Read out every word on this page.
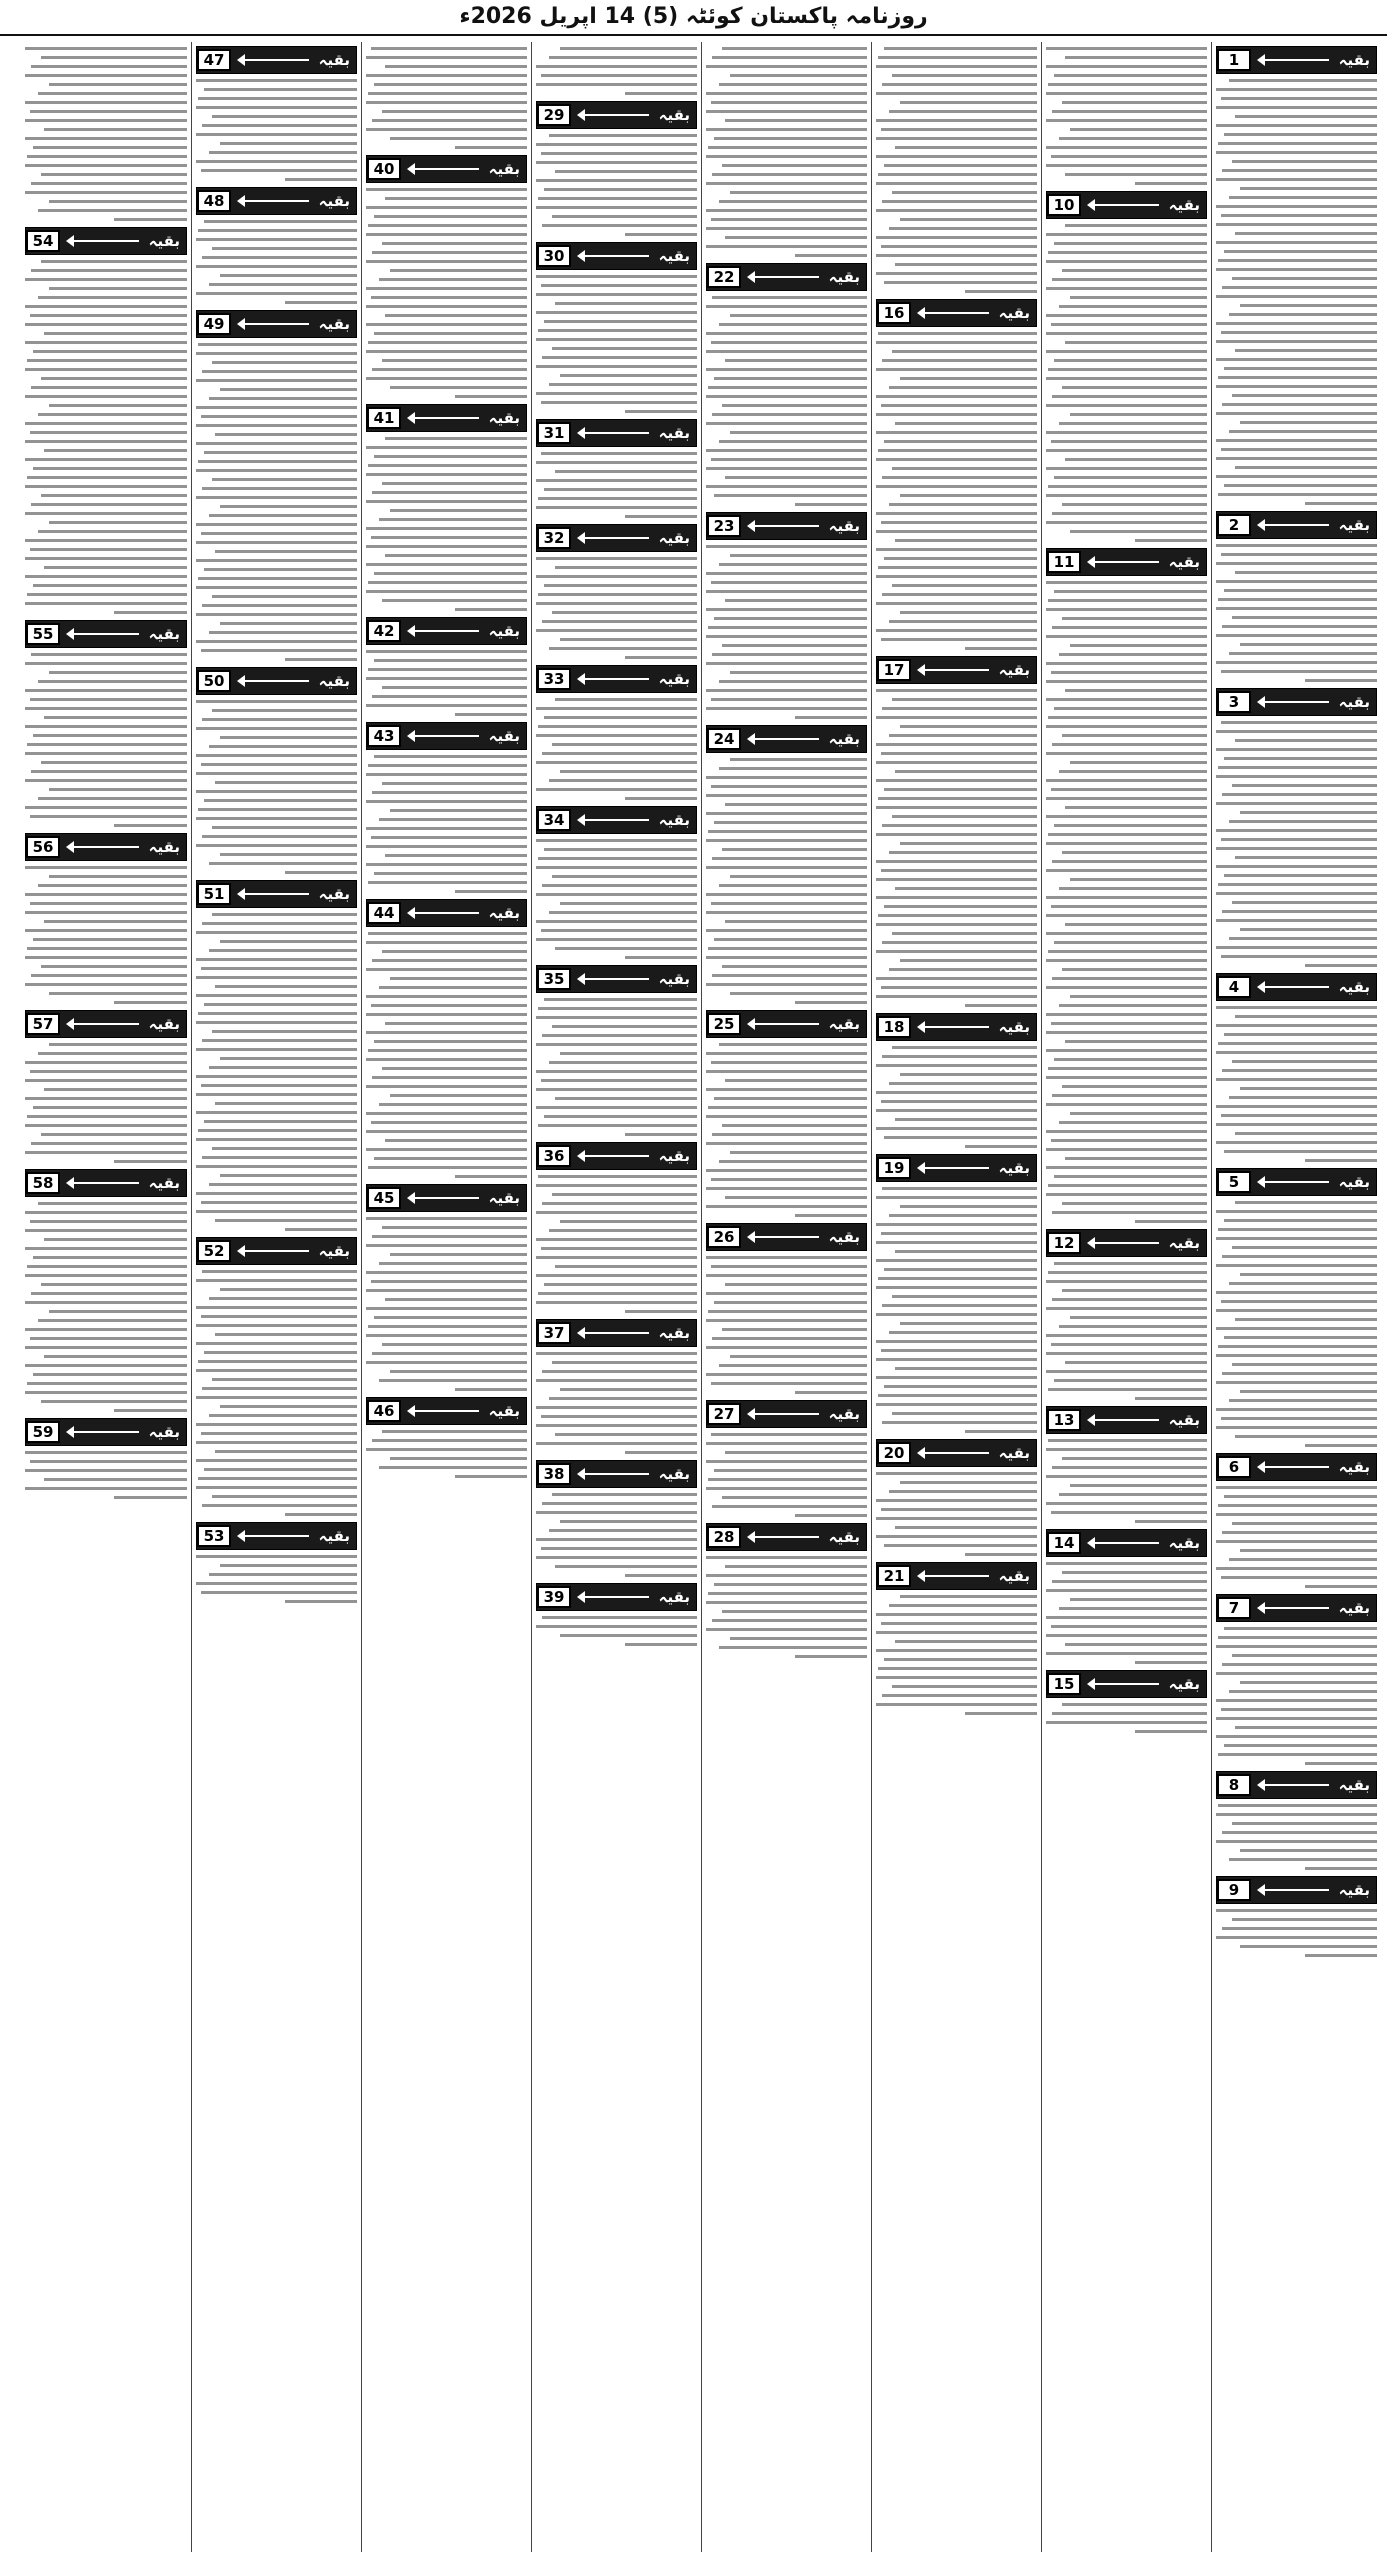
روزنامہ پاکستان کوئٹہ (5) 14 اپریل 2026ء
1	بقیہ
2	بقیہ
3	بقیہ
4	بقیہ
5	بقیہ
6	بقیہ
7	بقیہ
8	بقیہ
9	بقیہ
10	بقیہ
11	بقیہ
12	بقیہ
13	بقیہ
14	بقیہ
15	بقیہ
16	بقیہ
17	بقیہ
18	بقیہ
19	بقیہ
20	بقیہ
21	بقیہ
22	بقیہ
23	بقیہ
24	بقیہ
25	بقیہ
26	بقیہ
27	بقیہ
28	بقیہ
29	بقیہ
30	بقیہ
31	بقیہ
32	بقیہ
33	بقیہ
34	بقیہ
35	بقیہ
36	بقیہ
37	بقیہ
38	بقیہ
39	بقیہ
40	بقیہ
41	بقیہ
42	بقیہ
43	بقیہ
44	بقیہ
45	بقیہ
46	بقیہ
47	بقیہ
48	بقیہ
49	بقیہ
50	بقیہ
51	بقیہ
52	بقیہ
53	بقیہ
54	بقیہ
55	بقیہ
56	بقیہ
57	بقیہ
58	بقیہ
59	بقیہ
